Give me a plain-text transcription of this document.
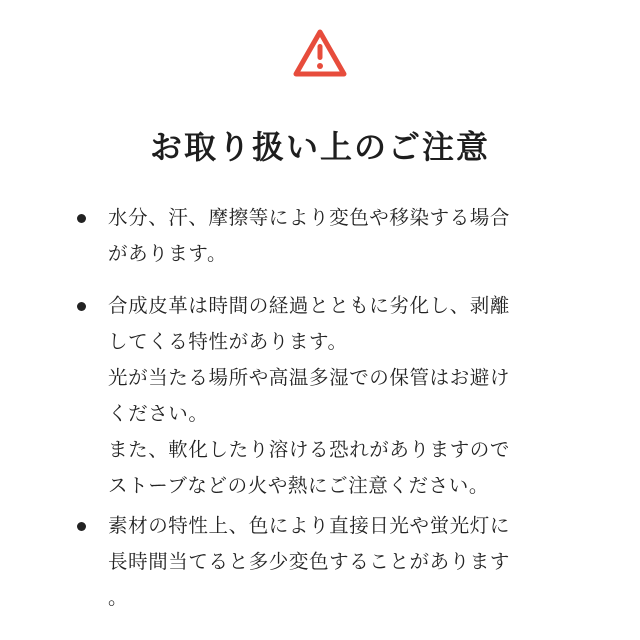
お取り扱い上のご注意
水分、汗、摩擦等により変色や移染する場合
があります。
合成皮革は時間の経過とともに劣化し、剥離
してくる特性があります。
光が当たる場所や高温多湿での保管はお避け
ください。
また、軟化したり溶ける恐れがありますので
ストーブなどの火や熱にご注意ください。
素材の特性上、色により直接日光や蛍光灯に
長時間当てると多少変色することがあります
。
